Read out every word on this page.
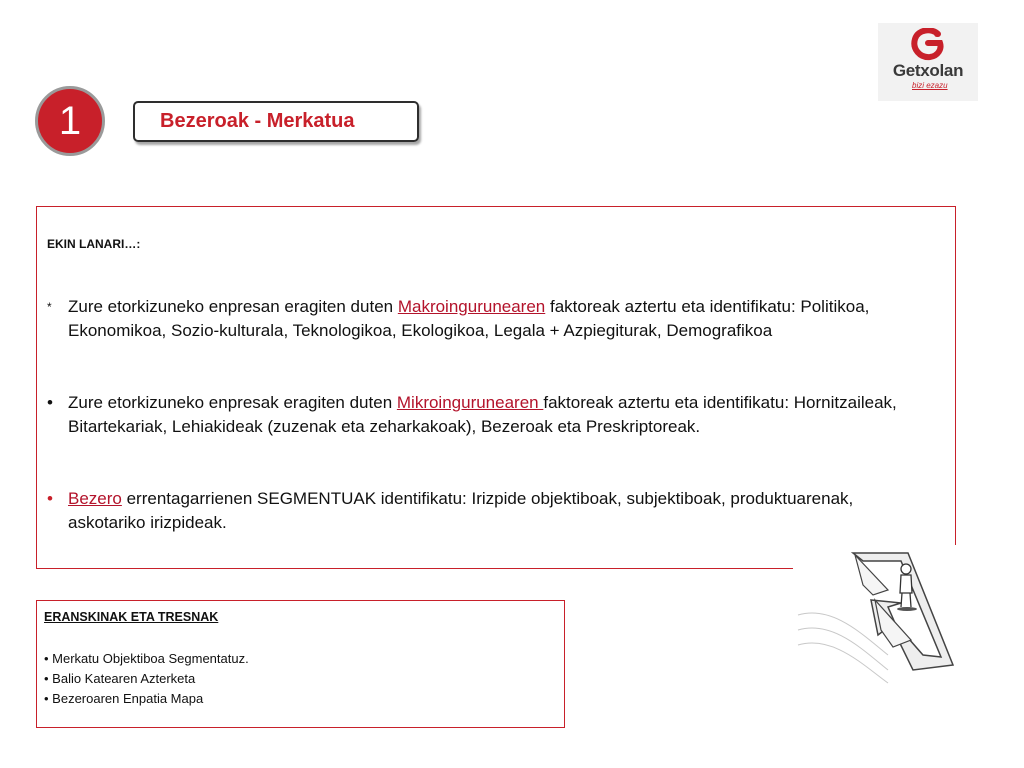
1	Bezeroak - Merkatua
Getxolan
bizi ezazu
EKIN LANARI…:
* Zure etorkizuneko enpresan eragiten duten Makroingurunearen faktoreak aztertu eta identifikatu: Politikoa, Ekonomikoa, Sozio-kulturala, Teknologikoa, Ekologikoa, Legala + Azpiegiturak, Demografikoa
• Zure etorkizuneko enpresak eragiten duten Mikroingurunearen faktoreak aztertu eta identifikatu: Hornitzaileak, Bitartekariak, Lehiakideak (zuzenak eta zeharkakoak), Bezeroak eta Preskriptoreak.
• Bezero errentagarrienen SEGMENTUAK identifikatu: Irizpide objektiboak, subjektiboak, produktuarenak, askotariko irizpideak.
ERANSKINAK ETA TRESNAK
• Merkatu Objektiboa Segmentatuz.
• Balio Katearen Azterketa
• Bezeroaren Enpatia Mapa
